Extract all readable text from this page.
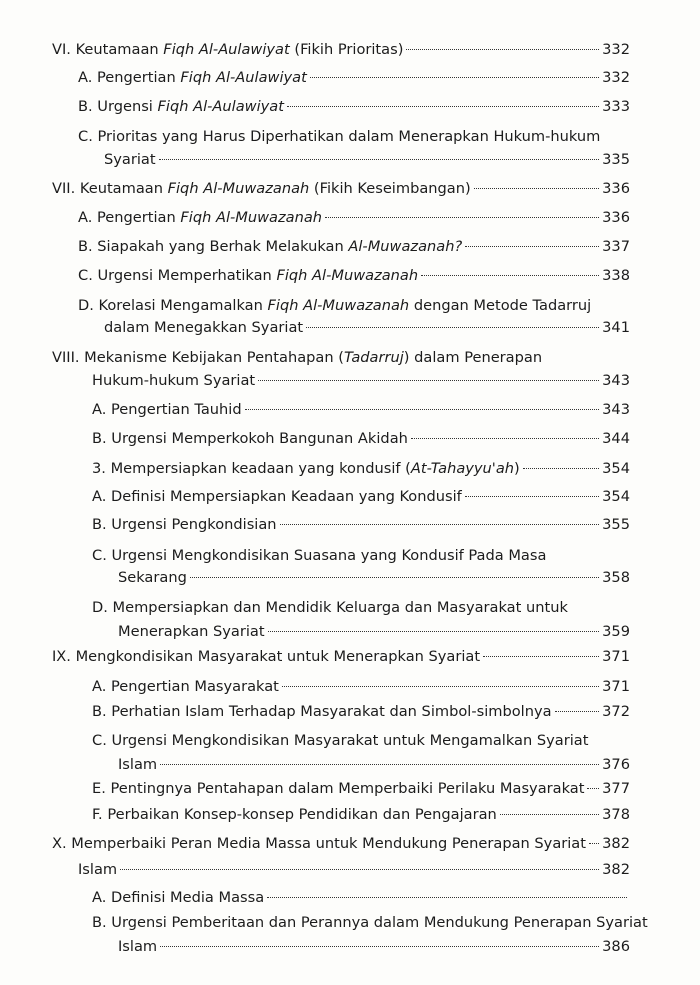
VI. Keutamaan Fiqh Al-Aulawiyat (Fikih Prioritas)	332
A. Pengertian Fiqh Al-Aulawiyat	332
B. Urgensi Fiqh Al-Aulawiyat	333
C. Prioritas yang Harus Diperhatikan dalam Menerapkan Hukum-hukum
Syariat	335
VII. Keutamaan Fiqh Al-Muwazanah (Fikih Keseimbangan)	336
A. Pengertian Fiqh Al-Muwazanah	336
B. Siapakah yang Berhak Melakukan Al-Muwazanah?	337
C. Urgensi Memperhatikan Fiqh Al-Muwazanah	338
D. Korelasi Mengamalkan Fiqh Al-Muwazanah dengan Metode Tadarruj
dalam Menegakkan Syariat	341
VIII. Mekanisme Kebijakan Pentahapan (Tadarruj) dalam Penerapan
Hukum-hukum Syariat	343
A. Pengertian Tauhid	343
B. Urgensi Memperkokoh Bangunan Akidah	344
3. Mempersiapkan keadaan yang kondusif (At-Tahayyu'ah)	354
A. Definisi Mempersiapkan Keadaan yang Kondusif	354
B. Urgensi Pengkondisian	355
C. Urgensi Mengkondisikan Suasana yang Kondusif Pada Masa
Sekarang	358
D. Mempersiapkan dan Mendidik Keluarga dan Masyarakat untuk
Menerapkan Syariat	359
IX. Mengkondisikan Masyarakat untuk Menerapkan Syariat	371
A. Pengertian Masyarakat	371
B. Perhatian Islam Terhadap Masyarakat dan Simbol-simbolnya	372
C. Urgensi Mengkondisikan Masyarakat untuk Mengamalkan Syariat
Islam	376
E. Pentingnya Pentahapan dalam Memperbaiki Perilaku Masyarakat 377
F. Perbaikan Konsep-konsep Pendidikan dan Pengajaran	378
X. Memperbaiki Peran Media Massa untuk Mendukung Penerapan Syariat 382
Islam	382
A. Definisi Media Massa
B. Urgensi Pemberitaan dan Perannya dalam Mendukung Penerapan Syariat
Islam	386
